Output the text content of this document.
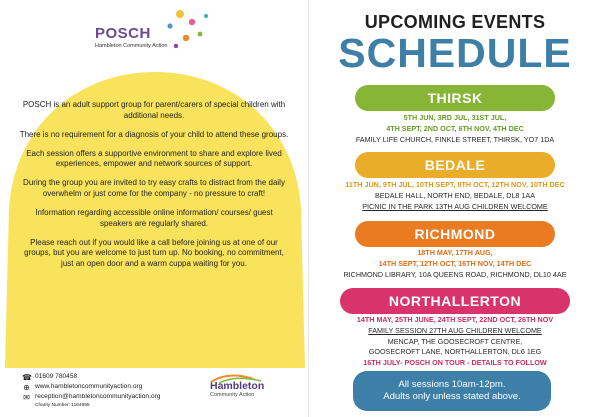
POSCH
Hambleton Community Action

POSCH is an adult support group for parent/carers of special children with additional needs.

There is no requirement for a diagnosis of your child to attend these groups.

Each session offers a supportive environment to share and explore lived experiences, empower and network sources of support.

During the group you are invited to try easy crafts to distract from the daily overwhelm or just come for the company - no pressure to craft!

Information regarding accessible online information/ courses/ guest speakers are regularly shared.

Please reach out if you would like a call before joining us at one of our groups, but you are welcome to just turn up. No booking, no commitment, just an open door and a warm cuppa waiting for you.

☎ 01609 780458
⊕ www.hambletoncommunityaction.org
✉ reception@hambletoncommunityaction.org
Charity Number: 1164895
Hambleton
Community Action
UPCOMING EVENTS
SCHEDULE
THIRSK
5TH JUN, 3RD JUL, 31ST JUL,
4TH SEPT, 2ND OCT, 6TH NOV, 4TH DEC
FAMILY LIFE CHURCH, FINKLE STREET, THIRSK, YO7 1DA
BEDALE
11TH JUN, 9TH JUL, 10TH SEPT, 8TH OCT, 12TH NOV, 10TH DEC
BEDALE HALL, NORTH END, BEDALE, DL8 1AA
PICNIC IN THE PARK 13TH AUG CHILDREN WELCOME
RICHMOND
18TH MAY, 17TH AUG,
14TH SEPT, 12TH OCT, 16TH NOV, 14TH DEC
RICHMOND LIBRARY, 10A QUEENS ROAD, RICHMOND, DL10 4AE
NORTHALLERTON
14TH MAY, 25TH JUNE, 24TH SEPT, 22ND OCT, 26TH NOV
FAMILY SESSION 27TH AUG CHILDREN WELCOME
MENCAP, THE GOOSECROFT CENTRE,
GOOSECROFT LANE, NORTHALLERTON, DL6 1EG
16TH JULY- POSCH ON TOUR - DETAILS TO FOLLOW
All sessions 10am-12pm.
Adults only unless stated above.
